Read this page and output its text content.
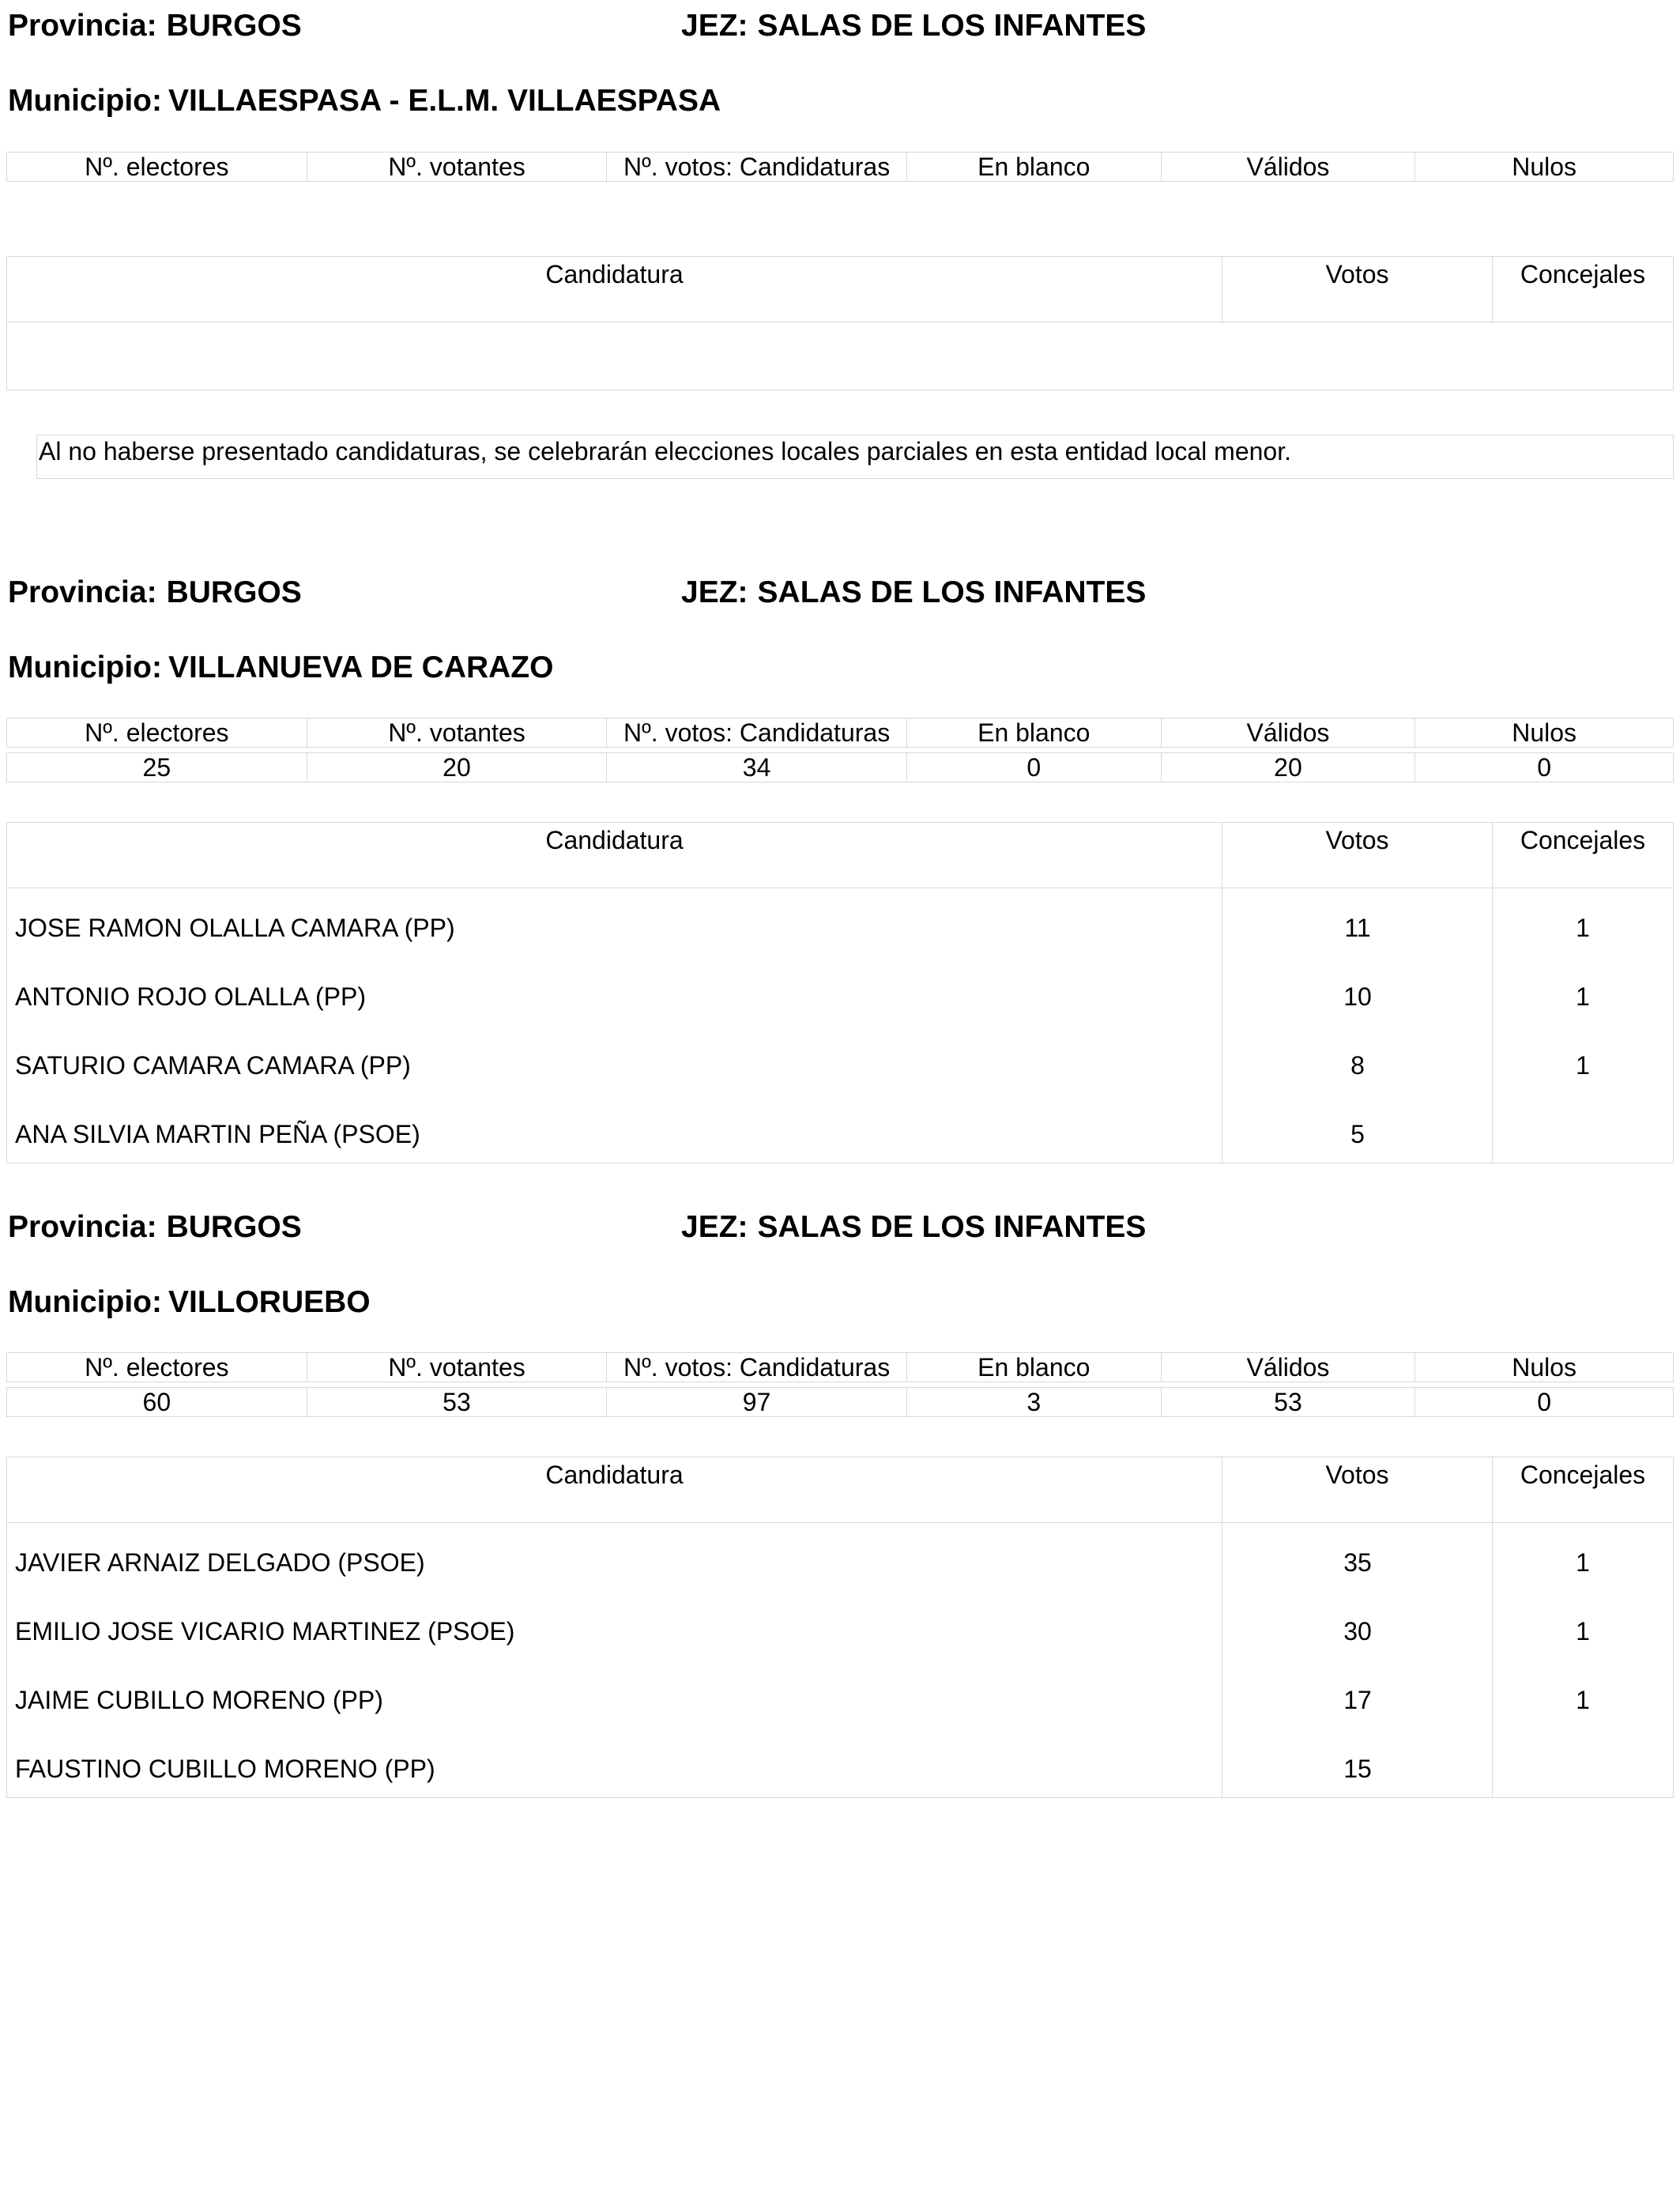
Provincia: BURGOS	JEZ: SALAS DE LOS INFANTES
Municipio: VILLAESPASA - E.L.M. VILLAESPASA
Nº. electores	Nº. votantes	Nº. votos: Candidaturas	En blanco	Válidos	Nulos
Candidatura	Votos	Concejales
Al no haberse presentado candidaturas, se celebrarán elecciones locales parciales en esta entidad local menor.
Provincia: BURGOS	JEZ: SALAS DE LOS INFANTES
Municipio: VILLANUEVA DE CARAZO
Nº. electores	Nº. votantes	Nº. votos: Candidaturas	En blanco	Válidos	Nulos
25	20	34	0	20	0
Candidatura	Votos	Concejales
JOSE RAMON OLALLA CAMARA (PP)	11	1
ANTONIO ROJO OLALLA (PP)	10	1
SATURIO CAMARA CAMARA (PP)	8	1
ANA SILVIA MARTIN PEÑA (PSOE)	5
Provincia: BURGOS	JEZ: SALAS DE LOS INFANTES
Municipio: VILLORUEBO
Nº. electores	Nº. votantes	Nº. votos: Candidaturas	En blanco	Válidos	Nulos
60	53	97	3	53	0
Candidatura	Votos	Concejales
JAVIER ARNAIZ DELGADO (PSOE)	35	1
EMILIO JOSE VICARIO MARTINEZ (PSOE)	30	1
JAIME CUBILLO MORENO (PP)	17	1
FAUSTINO CUBILLO MORENO (PP)	15
